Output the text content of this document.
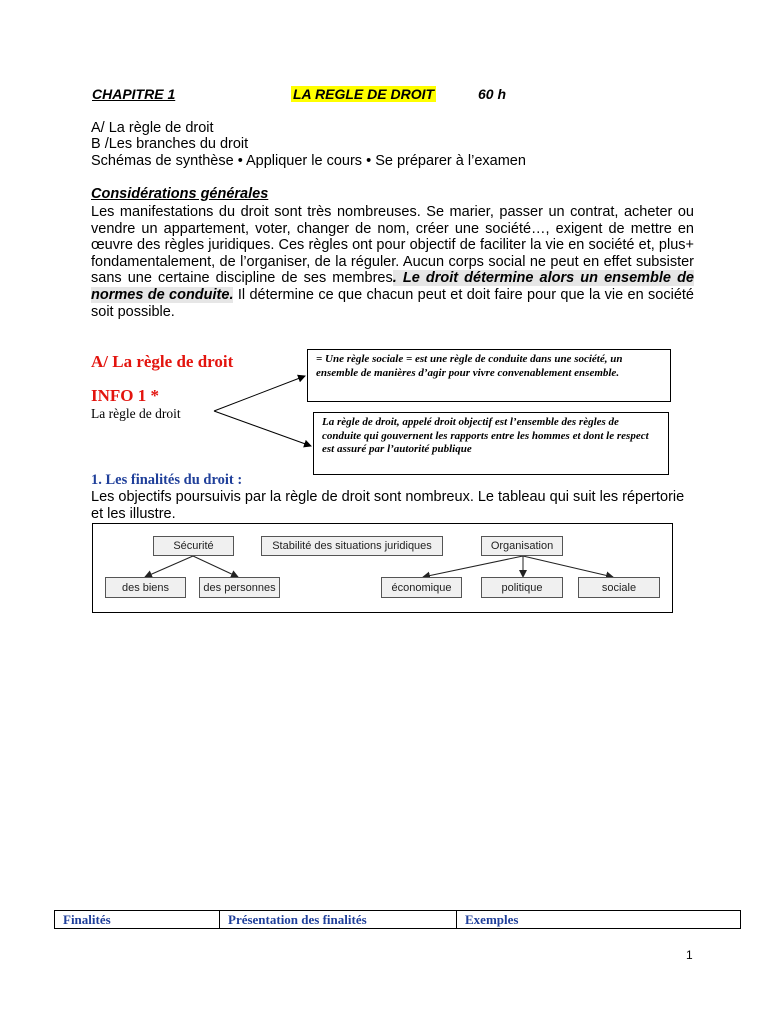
CHAPITRE 1	LA REGLE DE DROIT	60 h
A/ La règle de droit
B /Les branches du droit
Schémas de synthèse • Appliquer le cours • Se préparer à l’examen
Considérations générales
Les manifestations du droit sont très nombreuses. Se marier, passer un contrat, acheter ou vendre un appartement, voter, changer de nom, créer une société…, exigent de mettre en œuvre des règles juridiques. Ces règles ont pour objectif de faciliter la vie en société et, plus+ fondamentalement, de l’organiser, de la réguler. Aucun corps social ne peut en effet subsister sans une certaine discipline de ses membres. Le droit détermine alors un ensemble de normes de conduite. Il détermine ce que chacun peut et doit faire pour que la vie en société soit possible.
A/ La règle de droit
INFO 1 *
La règle de droit
= Une règle sociale = est une règle de conduite dans une société, un ensemble de manières d’agir pour vivre convenablement ensemble.
La règle de droit, appelé droit objectif est l’ensemble des règles de conduite qui gouvernent les rapports entre les hommes et dont le respect est assuré par l’autorité publique
1. Les finalités du droit :
Les objectifs poursuivis par la règle de droit sont nombreux. Le tableau qui suit les répertorie et les illustre.
Sécurité	Stabilité des situations juridiques	Organisation
des biens	des personnes	économique	politique	sociale
Finalités	Présentation des finalités	Exemples
1
